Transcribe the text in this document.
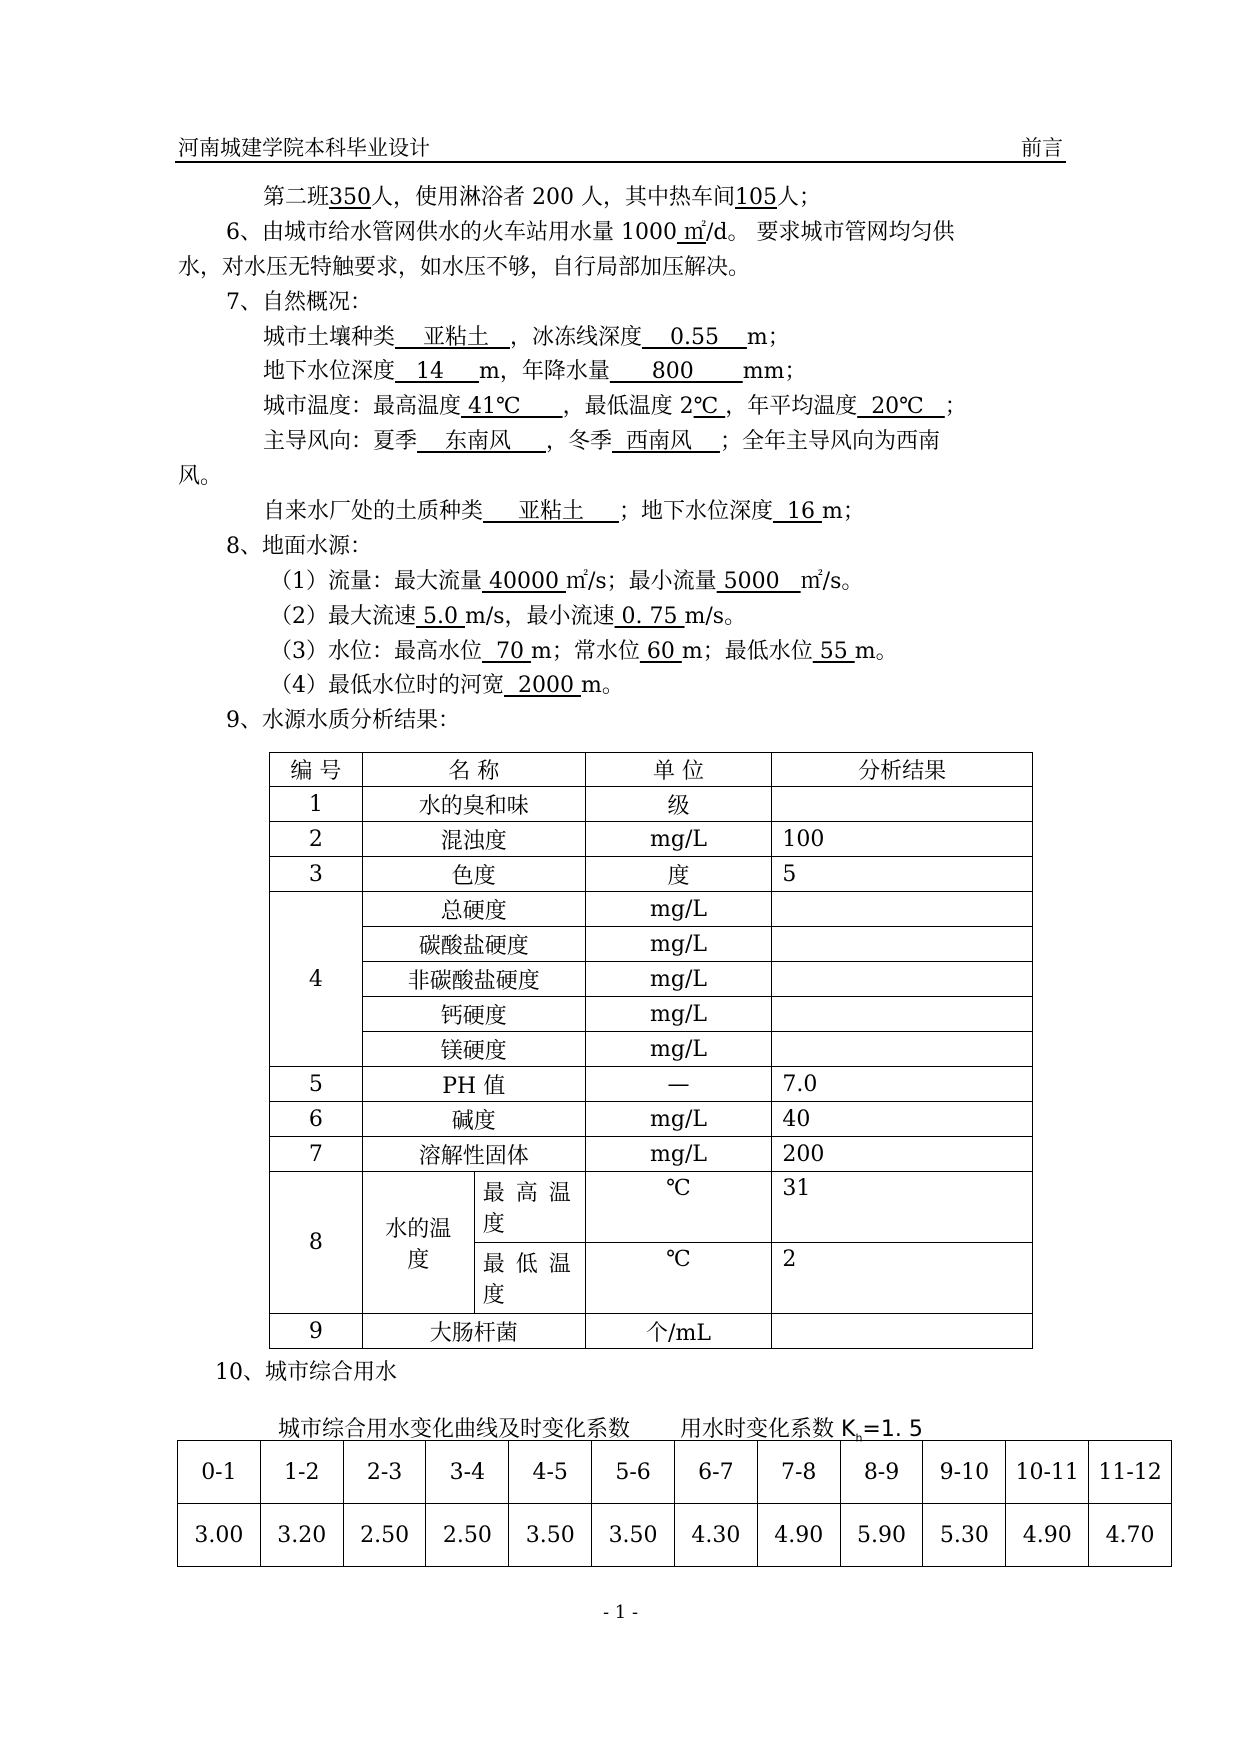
河南城建学院本科毕业设计	前言
第二班350人，使用淋浴者 200 人，其中热车间105人；
6、由城市给水管网供水的火车站用水量 1000 ㎡/d。 要求城市管网均匀供
水，对水压无特触要求，如水压不够，自行局部加压解决。
7、自然概况：
城市土壤种类    亚粘土   ，冰冻线深度    0.55    m；
地下水位深度   14     m，年降水量      800       mm；
城市温度：最高温度 41℃      ，最低温度 2℃ ，年平均温度  20℃   ；
主导风向：夏季    东南风     ，冬季  西南风    ；全年主导风向为西南
风。
自来水厂处的土质种类     亚粘土     ；地下水位深度  16 m；
8、地面水源：
（1）流量：最大流量 40000 ㎡/s；最小流量 5000   ㎡/s。
（2）最大流速 5.0 m/s，最小流速 0. 75 m/s。
（3）水位：最高水位  70 m；常水位 60 m；最低水位 55 m。
（4）最低水位时的河宽  2000 m。
9、水源水质分析结果：
编 号	名 称		单 位	分析结果
1	水的臭和味		级	
2	混浊度		mg/L	100
3	色度		度	5
4	总硬度		mg/L	
	碳酸盐硬度		mg/L	
	非碳酸盐硬度		mg/L	
	钙硬度		mg/L	
	镁硬度		mg/L	
5	PH 值		—	7.0
6	碱度		mg/L	40
7	溶解性固体		mg/L	200
8	水的温度	最 高 温度	℃	31
		最 低 温度	℃	2
9	大肠杆菌		个/mL	
10、城市综合用水
城市综合用水变化曲线及时变化系数 用水时变化系数 $K_h=1$. 5
0-1	1-2	2-3	3-4	4-5	5-6	6-7	7-8	8-9	9-10	10-11	11-12
3.00	3.20	2.50	2.50	3.50	3.50	4.30	4.90	5.90	5.30	4.90	4.70
- 1 -
